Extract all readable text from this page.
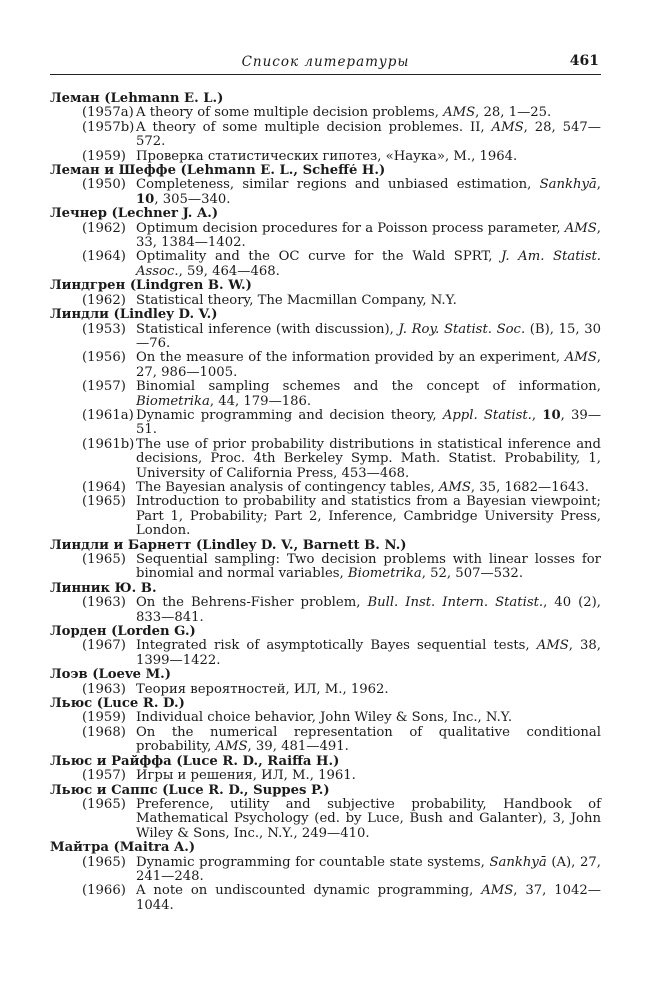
Список литературы	461
Леман (Lehmann E. L.)
(1957a) A theory of some multiple decision problems, AMS, 28, 1—25.
(1957b) A theory of some multiple decision problemes. II, AMS, 28, 547—572.
(1959) Проверка статистических гипотез, «Наука», М., 1964.
Леман и Шеффе (Lehmann E. L., Scheffé H.)
(1950) Completeness, similar regions and unbiased estimation, Sankhyā, 10, 305—340.
Лечнер (Lechner J. A.)
(1962) Optimum decision procedures for a Poisson process parameter, AMS, 33, 1384—1402.
(1964) Optimality and the OC curve for the Wald SPRT, J. Am. Statist. Assoc., 59, 464—468.
Линдгрен (Lindgren B. W.)
(1962) Statistical theory, The Macmillan Company, N.Y.
Линдли (Lindley D. V.)
(1953) Statistical inference (with discussion), J. Roy. Statist. Soc. (B), 15, 30—76.
(1956) On the measure of the information provided by an experiment, AMS, 27, 986—1005.
(1957) Binomial sampling schemes and the concept of information, Biometrika, 44, 179—186.
(1961a) Dynamic programming and decision theory, Appl. Statist., 10, 39—51.
(1961b) The use of prior probability distributions in statistical inference and decisions, Proc. 4th Berkeley Symp. Math. Statist. Probability, 1, University of California Press, 453—468.
(1964) The Bayesian analysis of contingency tables, AMS, 35, 1682—1643.
(1965) Introduction to probability and statistics from a Bayesian viewpoint; Part 1, Probability; Part 2, Inference, Cambridge University Press, London.
Линдли и Барнетт (Lindley D. V., Barnett B. N.)
(1965) Sequential sampling: Two decision problems with linear losses for binomial and normal variables, Biometrika, 52, 507—532.
Линник Ю. В.
(1963) On the Behrens-Fisher problem, Bull. Inst. Intern. Statist., 40 (2), 833—841.
Лорден (Lorden G.)
(1967) Integrated risk of asymptotically Bayes sequential tests, AMS, 38, 1399—1422.
Лоэв (Loeve M.)
(1963) Теория вероятностей, ИЛ, М., 1962.
Льюс (Luce R. D.)
(1959) Individual choice behavior, John Wiley & Sons, Inc., N.Y.
(1968) On the numerical representation of qualitative conditional probability, AMS, 39, 481—491.
Льюс и Райффа (Luce R. D., Raiffa H.)
(1957) Игры и решения, ИЛ, М., 1961.
Льюс и Саппс (Luce R. D., Suppes P.)
(1965) Preference, utility and subjective probability, Handbook of Mathematical Psychology (ed. by Luce, Bush and Galanter), 3, John Wiley & Sons, Inc., N.Y., 249—410.
Майтра (Maitra A.)
(1965) Dynamic programming for countable state systems, Sankhyā (A), 27, 241—248.
(1966) A note on undiscounted dynamic programming, AMS, 37, 1042—1044.
